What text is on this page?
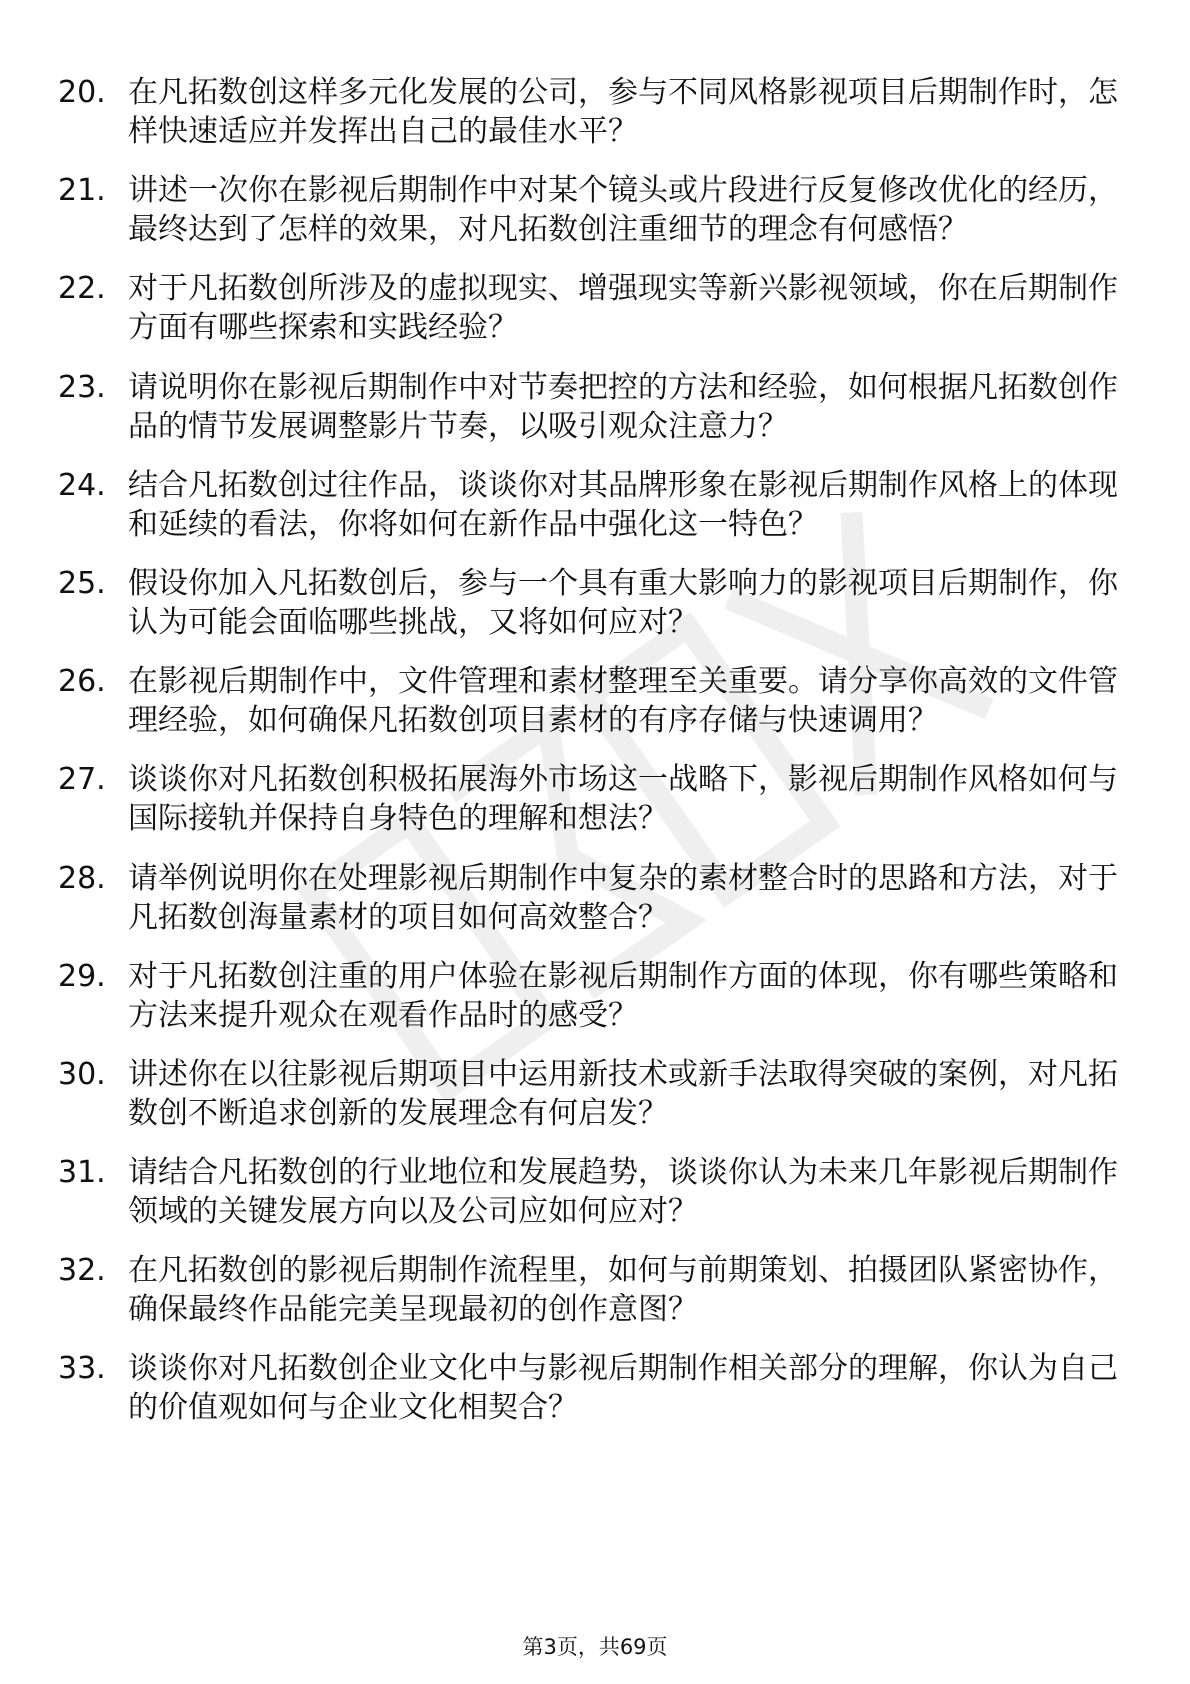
20. 在凡拓数创这样多元化发展的公司，参与不同风格影视项目后期制作时，怎样快速适应并发挥出自己的最佳水平？
21. 讲述一次你在影视后期制作中对某个镜头或片段进行反复修改优化的经历，最终达到了怎样的效果，对凡拓数创注重细节的理念有何感悟？
22. 对于凡拓数创所涉及的虚拟现实、增强现实等新兴影视领域，你在后期制作方面有哪些探索和实践经验？
23. 请说明你在影视后期制作中对节奏把控的方法和经验，如何根据凡拓数创作品的情节发展调整影片节奏，以吸引观众注意力？
24. 结合凡拓数创过往作品，谈谈你对其品牌形象在影视后期制作风格上的体现和延续的看法，你将如何在新作品中强化这一特色？
25. 假设你加入凡拓数创后，参与一个具有重大影响力的影视项目后期制作，你认为可能会面临哪些挑战，又将如何应对？
26. 在影视后期制作中，文件管理和素材整理至关重要。请分享你高效的文件管理经验，如何确保凡拓数创项目素材的有序存储与快速调用？
27. 谈谈你对凡拓数创积极拓展海外市场这一战略下，影视后期制作风格如何与国际接轨并保持自身特色的理解和想法？
28. 请举例说明你在处理影视后期制作中复杂的素材整合时的思路和方法，对于凡拓数创海量素材的项目如何高效整合？
29. 对于凡拓数创注重的用户体验在影视后期制作方面的体现，你有哪些策略和方法来提升观众在观看作品时的感受？
30. 讲述你在以往影视后期项目中运用新技术或新手法取得突破的案例，对凡拓数创不断追求创新的发展理念有何启发？
31. 请结合凡拓数创的行业地位和发展趋势，谈谈你认为未来几年影视后期制作领域的关键发展方向以及公司应如何应对？
32. 在凡拓数创的影视后期制作流程里，如何与前期策划、拍摄团队紧密协作，确保最终作品能完美呈现最初的创作意图？
33. 谈谈你对凡拓数创企业文化中与影视后期制作相关部分的理解，你认为自己的价值观如何与企业文化相契合？
第3页，共69页
